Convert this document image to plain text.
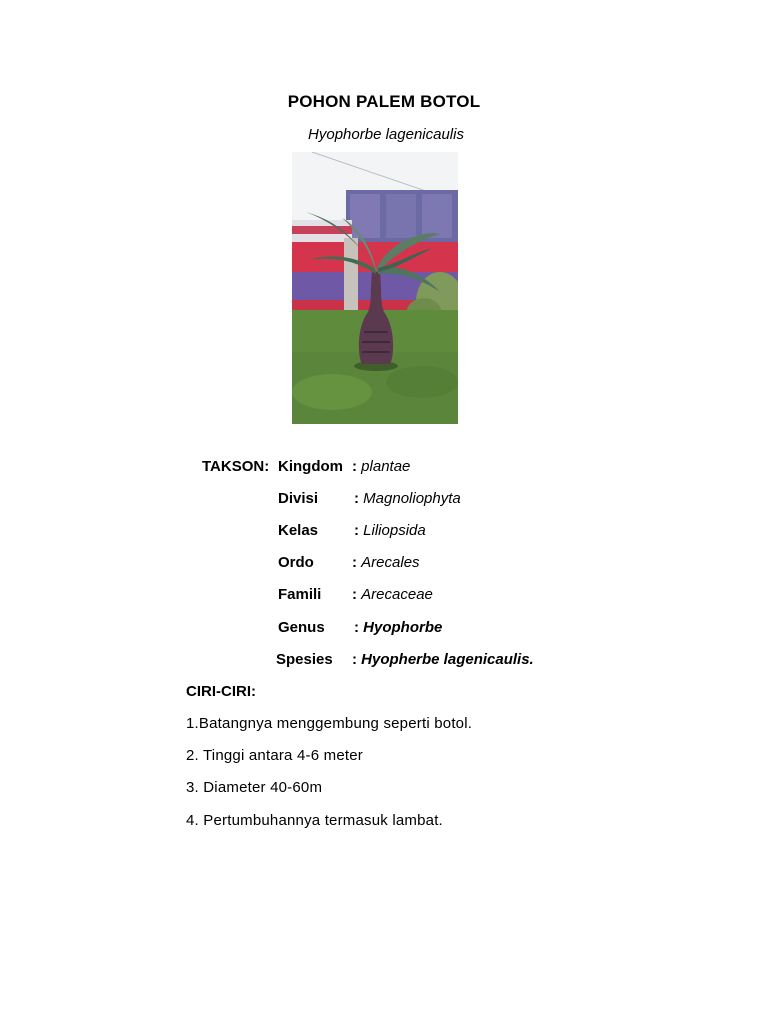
POHON PALEM BOTOL
Hyophorbe lagenicaulis
TAKSON: Kingdom : plantae
Divisi : Magnoliophyta
Kelas : Liliopsida
Ordo	: Arecales
Famili : Arecaceae
Genus : Hyophorbe
Spesies : Hyopherbe lagenicaulis.
CIRI-CIRI:
1.Batangnya menggembung seperti botol.
2. Tinggi antara 4-6 meter
3. Diameter 40-60m
4. Pertumbuhannya termasuk lambat.
